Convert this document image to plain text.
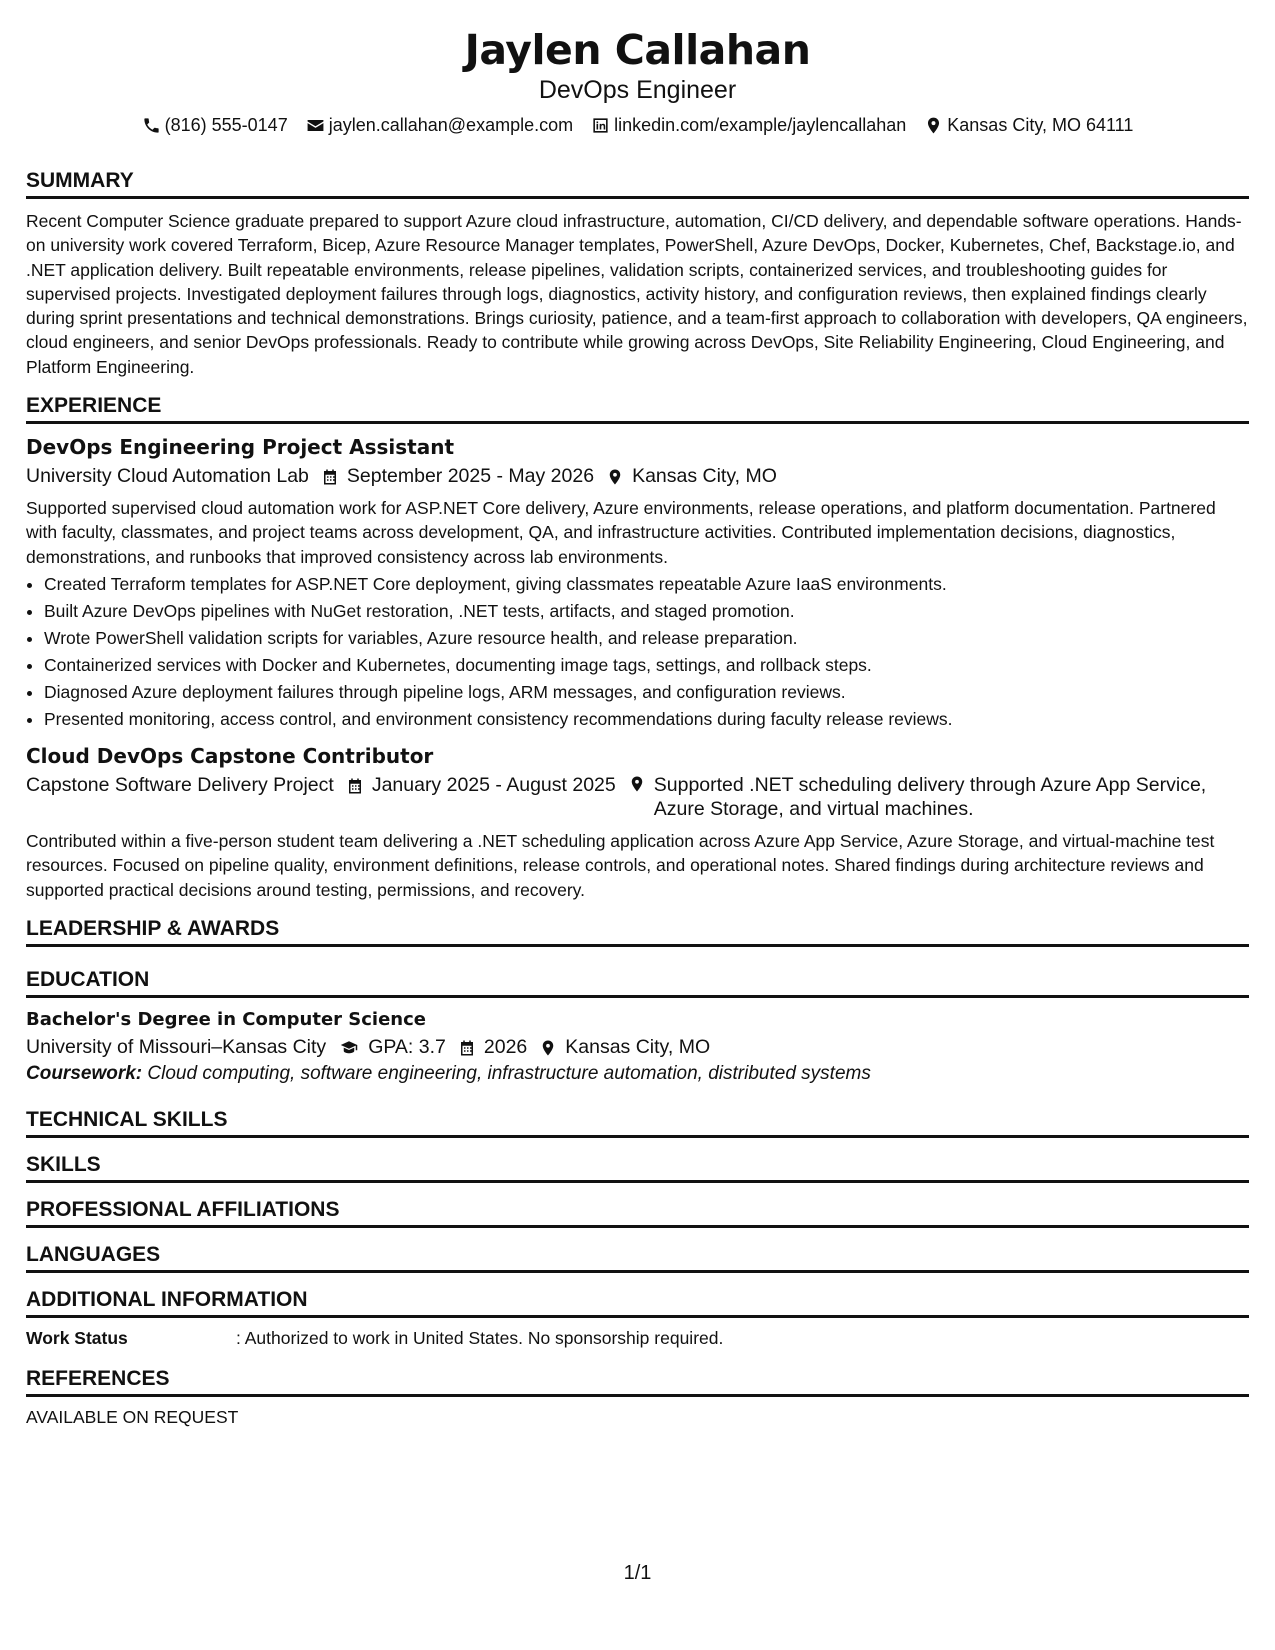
Jaylen Callahan
DevOps Engineer
(816) 555-0147 jaylen.callahan@example.com linkedin.com/example/jaylencallahan Kansas City, MO 64111
SUMMARY

Recent Computer Science graduate prepared to support Azure cloud infrastructure, automation, CI/CD delivery, and dependable software operations. Hands-on university work covered Terraform, Bicep, Azure Resource Manager templates, PowerShell, Azure DevOps, Docker, Kubernetes, Chef, Backstage.io, and .NET application delivery. Built repeatable environments, release pipelines, validation scripts, containerized services, and troubleshooting guides for supervised projects. Investigated deployment failures through logs, diagnostics, activity history, and configuration reviews, then explained findings clearly during sprint presentations and technical demonstrations. Brings curiosity, patience, and a team-first approach to collaboration with developers, QA engineers, cloud engineers, and senior DevOps professionals. Ready to contribute while growing across DevOps, Site Reliability Engineering, Cloud Engineering, and Platform Engineering.

EXPERIENCE
DevOps Engineering Project Assistant
University Cloud Automation Lab September 2025 - May 2026 Kansas City, MO

Supported supervised cloud automation work for ASP.NET Core delivery, Azure environments, release operations, and platform documentation. Partnered with faculty, classmates, and project teams across development, QA, and infrastructure activities. Contributed implementation decisions, diagnostics, demonstrations, and runbooks that improved consistency across lab environments.

• Created Terraform templates for ASP.NET Core deployment, giving classmates repeatable Azure IaaS environments.
• Built Azure DevOps pipelines with NuGet restoration, .NET tests, artifacts, and staged promotion.
• Wrote PowerShell validation scripts for variables, Azure resource health, and release preparation.
• Containerized services with Docker and Kubernetes, documenting image tags, settings, and rollback steps.
• Diagnosed Azure deployment failures through pipeline logs, ARM messages, and configuration reviews.
• Presented monitoring, access control, and environment consistency recommendations during faculty release reviews.
Cloud DevOps Capstone Contributor
Capstone Software Delivery Project January 2025 - August 2025 Supported .NET scheduling delivery through Azure App Service, Azure Storage, and virtual machines.

Contributed within a five-person student team delivering a .NET scheduling application across Azure App Service, Azure Storage, and virtual-machine test resources. Focused on pipeline quality, environment definitions, release controls, and operational notes. Shared findings during architecture reviews and supported practical decisions around testing, permissions, and recovery.

LEADERSHIP & AWARDS
EDUCATION
Bachelor's Degree in Computer Science
University of Missouri–Kansas City GPA: 3.7 2026 Kansas City, MO
Coursework: Cloud computing, software engineering, infrastructure automation, distributed systems
TECHNICAL SKILLS
SKILLS
PROFESSIONAL AFFILIATIONS
LANGUAGES
ADDITIONAL INFORMATION
Work Status	: Authorized to work in United States. No sponsorship required.
REFERENCES
AVAILABLE ON REQUEST
1/1
